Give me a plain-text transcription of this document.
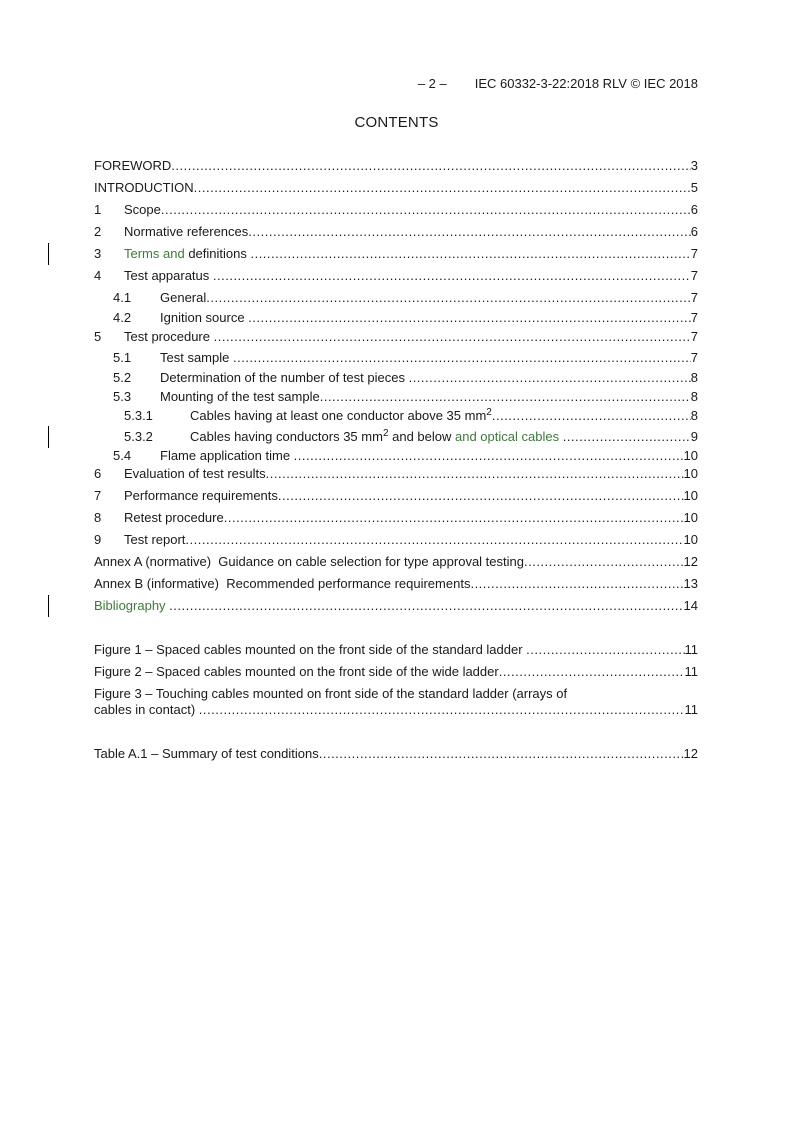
– 2 – IEC 60332-3-22:2018 RLV © IEC 2018
CONTENTS
FOREWORD .....	3
INTRODUCTION .....	5
1	Scope .....	6
2	Normative references .....	6
3	Terms and definitions .....	7
4	Test apparatus .....	7
4.1	General .....	7
4.2	Ignition source .....	7
5	Test procedure .....	7
5.1	Test sample .....	7
5.2	Determination of the number of test pieces .....	8
5.3	Mounting of the test sample .....	8
5.3.1	Cables having at least one conductor above 35 $mm^2$ .....	8
5.3.2	Cables having conductors 35 $mm^2$ and below and optical cables .....	9
5.4	Flame application time .....	10
6	Evaluation of test results .....	10
7	Performance requirements .....	10
8	Retest procedure .....	10
9	Test report .....	10
Annex A (normative)  Guidance on cable selection for type approval testing .....	12
Annex B (informative)  Recommended performance requirements .....	13
Bibliography .....	14
Figure 1 – Spaced cables mounted on the front side of the standard ladder .....	11
Figure 2 – Spaced cables mounted on the front side of the wide ladder .....	11
Figure 3 – Touching cables mounted on front side of the standard ladder (arrays of
cables in contact) .....	11
Table A.1 – Summary of test conditions .....	12
